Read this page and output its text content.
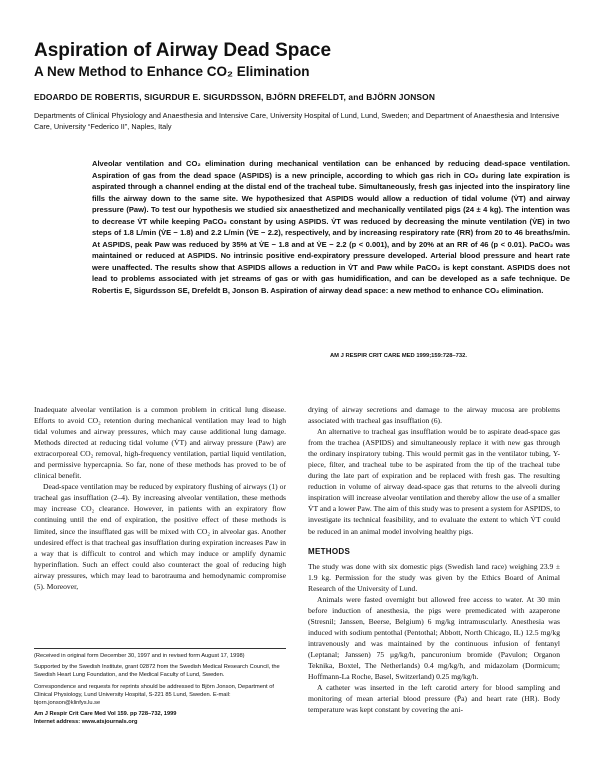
Aspiration of Airway Dead Space
A New Method to Enhance CO₂ Elimination
EDOARDO DE ROBERTIS, SIGURDUR E. SIGURDSSON, BJÖRN DREFELDT, and BJÖRN JONSON
Departments of Clinical Physiology and Anaesthesia and Intensive Care, University Hospital of Lund, Lund, Sweden; and Department of Anaesthesia and Intensive Care, University “Federico II”, Naples, Italy

Alveolar ventilation and CO₂ elimination during mechanical ventilation can be enhanced by reducing dead-space ventilation. Aspiration of gas from the dead space (ASPIDS) is a new principle, according to which gas rich in CO₂ during late expiration is aspirated through a channel ending at the distal end of the tracheal tube. Simultaneously, fresh gas injected into the inspiratory line fills the airway down to the same site. We hypothesized that ASPIDS would allow a reduction of tidal volume (V̇T) and airway pressure (Paw). To test our hypothesis we studied six anaesthetized and mechanically ventilated pigs (24 ± 4 kg). The intention was to decrease V̇T while keeping PaCO₂ constant by using ASPIDS. V̇T was reduced by decreasing the minute ventilation (V̇E) in two steps of 1.8 L/min (V̇E − 1.8) and 2.2 L/min (V̇E − 2.2), respectively, and by increasing respiratory rate (RR) from 20 to 46 breaths/min. At ASPIDS, peak Paw was reduced by 35% at V̇E − 1.8 and at V̇E − 2.2 (p < 0.001), and by 20% at an RR of 46 (p < 0.01). PaCO₂ was maintained or reduced at ASPIDS. No intrinsic positive end-expiratory pressure developed. Arterial blood pressure and heart rate were unaffected. The results show that ASPIDS allows a reduction in V̇T and Paw while PaCO₂ is kept constant. ASPIDS does not lead to problems associated with jet streams of gas or with gas humidification, and can be developed as a safe technique. De Robertis E, Sigurdsson SE, Drefeldt B, Jonson B. Aspiration of airway dead space: a new method to enhance CO₂ elimination.

AM J RESPIR CRIT CARE MED 1999;159:728–732.

Inadequate alveolar ventilation is a common problem in critical lung disease. Efforts to avoid CO₂ retention during mechanical ventilation may lead to high tidal volumes and airway pressures, which may cause additional lung damage. Methods directed at reducing tidal volume (V̇T) and airway pressure (Paw) are extracorporeal CO₂ removal, high-frequency ventilation, partial liquid ventilation, and permissive hypercapnia. So far, none of these methods has proved to be of clinical benefit.

Dead-space ventilation may be reduced by expiratory flushing of airways (1) or tracheal gas insufflation (2–4). By increasing alveolar ventilation, these methods may increase CO₂ clearance. However, in patients with an expiratory flow continuing until the end of expiration, the positive effect of these methods is limited, since the insufflated gas will be mixed with CO₂ in alveolar gas. Another undesired effect is that tracheal gas insufflation during expiration increases Paw in a way that is difficult to control and which may induce or amplify dynamic hyperinflation. Such an effect could also counteract the goal of reducing high airway pressures, which may lead to barotrauma and hemodynamic compromise (5). Moreover,

drying of airway secretions and damage to the airway mucosa are problems associated with tracheal gas insufflation (6).

An alternative to tracheal gas insufflation would be to aspirate dead-space gas from the trachea (ASPIDS) and simultaneously replace it with new gas through the ordinary inspiratory tubing. This would permit gas in the ventilator tubing, Y-piece, filter, and tracheal tube to be aspirated from the tip of the tracheal tube during the late part of expiration and be replaced with fresh gas. The resulting reduction in volume of airway dead-space gas that returns to the alveoli during inspiration will increase alveolar ventilation and thereby allow the use of a smaller V̇T and a lower Paw. The aim of this study was to present a system for ASPIDS, to investigate its technical feasibility, and to evaluate the extent to which V̇T could be reduced in an animal model involving healthy pigs.

METHODS

The study was done with six domestic pigs (Swedish land race) weighing 23.9 ± 1.9 kg. Permission for the study was given by the Ethics Board of Animal Research of the University of Lund.

Animals were fasted overnight but allowed free access to water. At 30 min before induction of anesthesia, the pigs were premedicated with azaperone (Stresnil; Janssen, Beerse, Belgium) 6 mg/kg intramuscularly. Anesthesia was induced with sodium pentothal (Pentothal; Abbott, North Chicago, IL) 12.5 mg/kg intravenously and was maintained by the continuous infusion of fentanyl (Leptanal; Janssen) 75 μg/kg/h, pancuronium bromide (Pavulon; Organon Teknika, Boxtel, The Netherlands) 0.4 mg/kg/h, and midazolam (Dormicum; Hoffmann-La Roche, Basel, Switzerland) 0.25 mg/kg/h.

A catheter was inserted in the left carotid artery for blood sampling and monitoring of mean arterial blood pressure (P̄a) and heart rate (HR). Body temperature was kept constant by covering the ani-

(Received in original form December 30, 1997 and in revised form August 17, 1998)

Supported by the Swedish Institute, grant 02872 from the Swedish Medical Research Council, the Swedish Heart Lung Foundation, and the Medical Faculty of Lund, Sweden.

Correspondence and requests for reprints should be addressed to Björn Jonson, Department of Clinical Physiology, Lund University Hospital, S-221 85 Lund, Sweden. E-mail: bjorn.jonson@klinfys.lu.se

Am J Respir Crit Care Med Vol 159. pp 728–732, 1999

Internet address: www.atsjournals.org
